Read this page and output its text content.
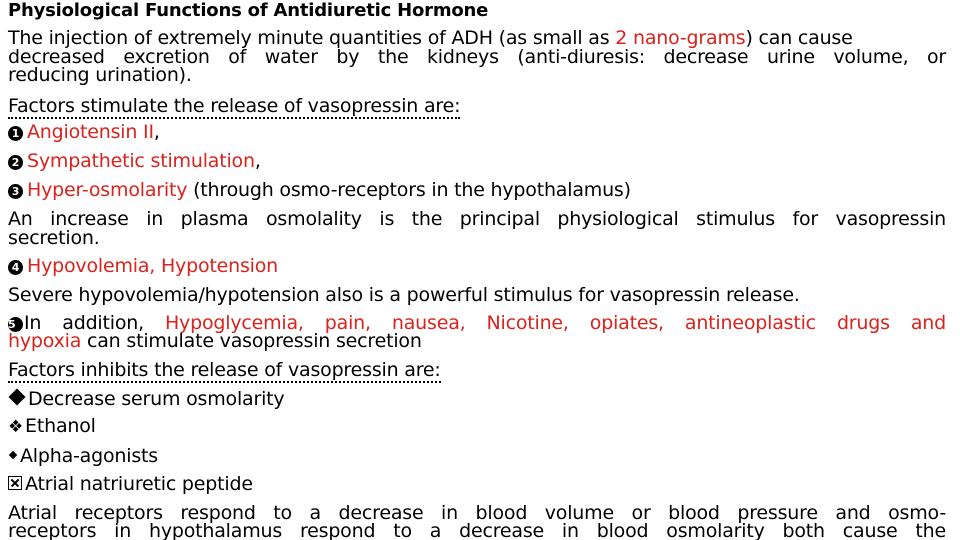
Physiological Functions of Antidiuretic Hormone
The injection of extremely minute quantities of ADH (as small as 2 nano-grams) can cause
decreased excretion of water by the kidneys (anti-diuresis: decrease urine volume, or
reducing urination).
Factors stimulate the release of vasopressin are:
1 Angiotensin II,
2 Sympathetic stimulation,
3 Hyper-osmolarity (through osmo-receptors in the hypothalamus)
An increase in plasma osmolality is the principal physiological stimulus for vasopressin
secretion.
4 Hypovolemia, Hypotension
Severe hypovolemia/hypotension also is a powerful stimulus for vasopressin release.
5 In addition, Hypoglycemia, pain, nausea, Nicotine, opiates, antineoplastic drugs and
hypoxia can stimulate vasopressin secretion
Factors inhibits the release of vasopressin are:
Decrease serum osmolarity
❖ Ethanol
Alpha-agonists
Atrial natriuretic peptide
Atrial receptors respond to a decrease in blood volume or blood pressure and osmo-
receptors in hypothalamus respond to a decrease in blood osmolarity both cause the
